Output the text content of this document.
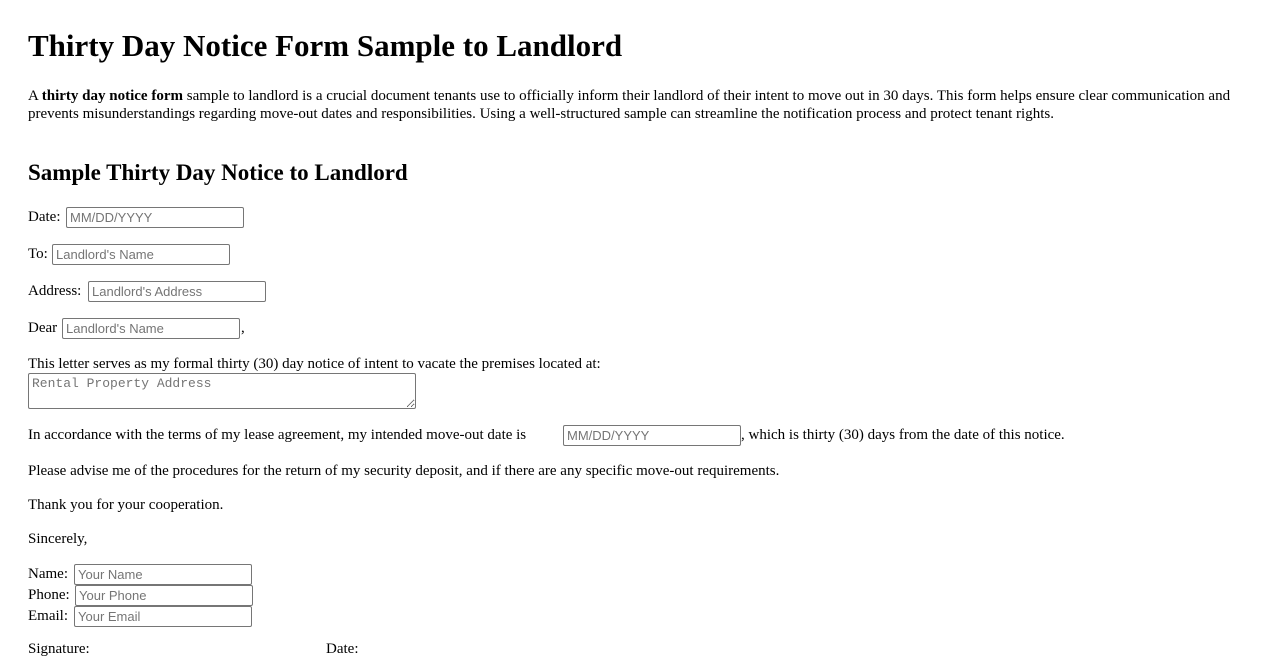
Thirty Day Notice Form Sample to Landlord

A thirty day notice form sample to landlord is a crucial document tenants use to officially inform their landlord of their intent to move out in 30 days. This form helps ensure clear communication and prevents misunderstandings regarding move-out dates and responsibilities. Using a well-structured sample can streamline the notification process and protect tenant rights.

Sample Thirty Day Notice to Landlord
Date:
MM/DD/YYYY
To:
Landlord's Name
Address:
Landlord's Address
Dear
Landlord's Name	,
This letter serves as my formal thirty (30) day notice of intent to vacate the premises located at:
Rental Property Address
In accordance with the terms of my lease agreement, my intended move-out date is
MM/DD/YYYY	, which is thirty (30) days from the date of this notice.
Please advise me of the procedures for the return of my security deposit, and if there are any specific move-out requirements.
Thank you for your cooperation.
Sincerely,
Name:
Your Name
Phone:
Your Phone
Email:
Your Email
Signature:	Date:
